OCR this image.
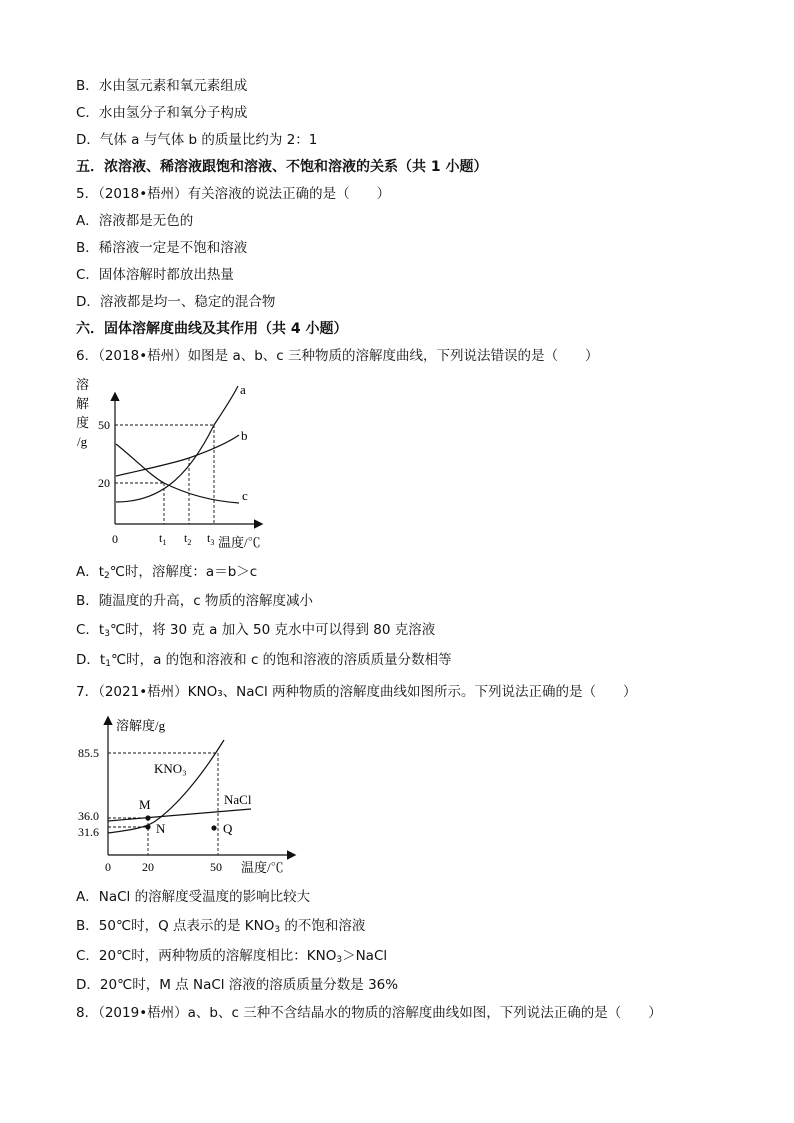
B．水由氢元素和氧元素组成
C．水由氢分子和氧分子构成
D．气体 a 与气体 b 的质量比约为 2：1
五．浓溶液、稀溶液跟饱和溶液、不饱和溶液的关系（共 1 小题）
5．（2018•梧州）有关溶液的说法正确的是（　　）
A．溶液都是无色的
B．稀溶液一定是不饱和溶液
C．固体溶解时都放出热量
D．溶液都是均一、稳定的混合物
六．固体溶解度曲线及其作用（共 4 小题）
6．（2018•梧州）如图是 a、b、c 三种物质的溶解度曲线，下列说法错误的是（　　）
溶
解
度
/g
50
20
0	$t_1$ $t_2$ $t_3$ 温度/℃
a
b
c
A．$t_2℃$时，溶解度：a＝b＞c
B．随温度的升高，c 物质的溶解度减小
C．$t_3℃$时，将 30 克 a 加入 50 克水中可以得到 80 克溶液
D．$t_1℃$时，a 的饱和溶液和 c 的饱和溶液的溶质质量分数相等
7．（2021•梧州）KNO₃、NaCl 两种物质的溶解度曲线如图所示。下列说法正确的是（　　）
溶解度/g
85.5
36.0
31.6
0	20	50 温度/℃
KNO₃
NaCl
M
N	Q
A．NaCl 的溶解度受温度的影响比较大
B．50℃时，Q 点表示的是 $KNO_3$ 的不饱和溶液
C．20℃时，两种物质的溶解度相比：$KNO_3>NaCl$
D．20℃时，M 点 NaCl 溶液的溶质质量分数是 36%
8．（2019•梧州）a、b、c 三种不含结晶水的物质的溶解度曲线如图，下列说法正确的是（　　）
